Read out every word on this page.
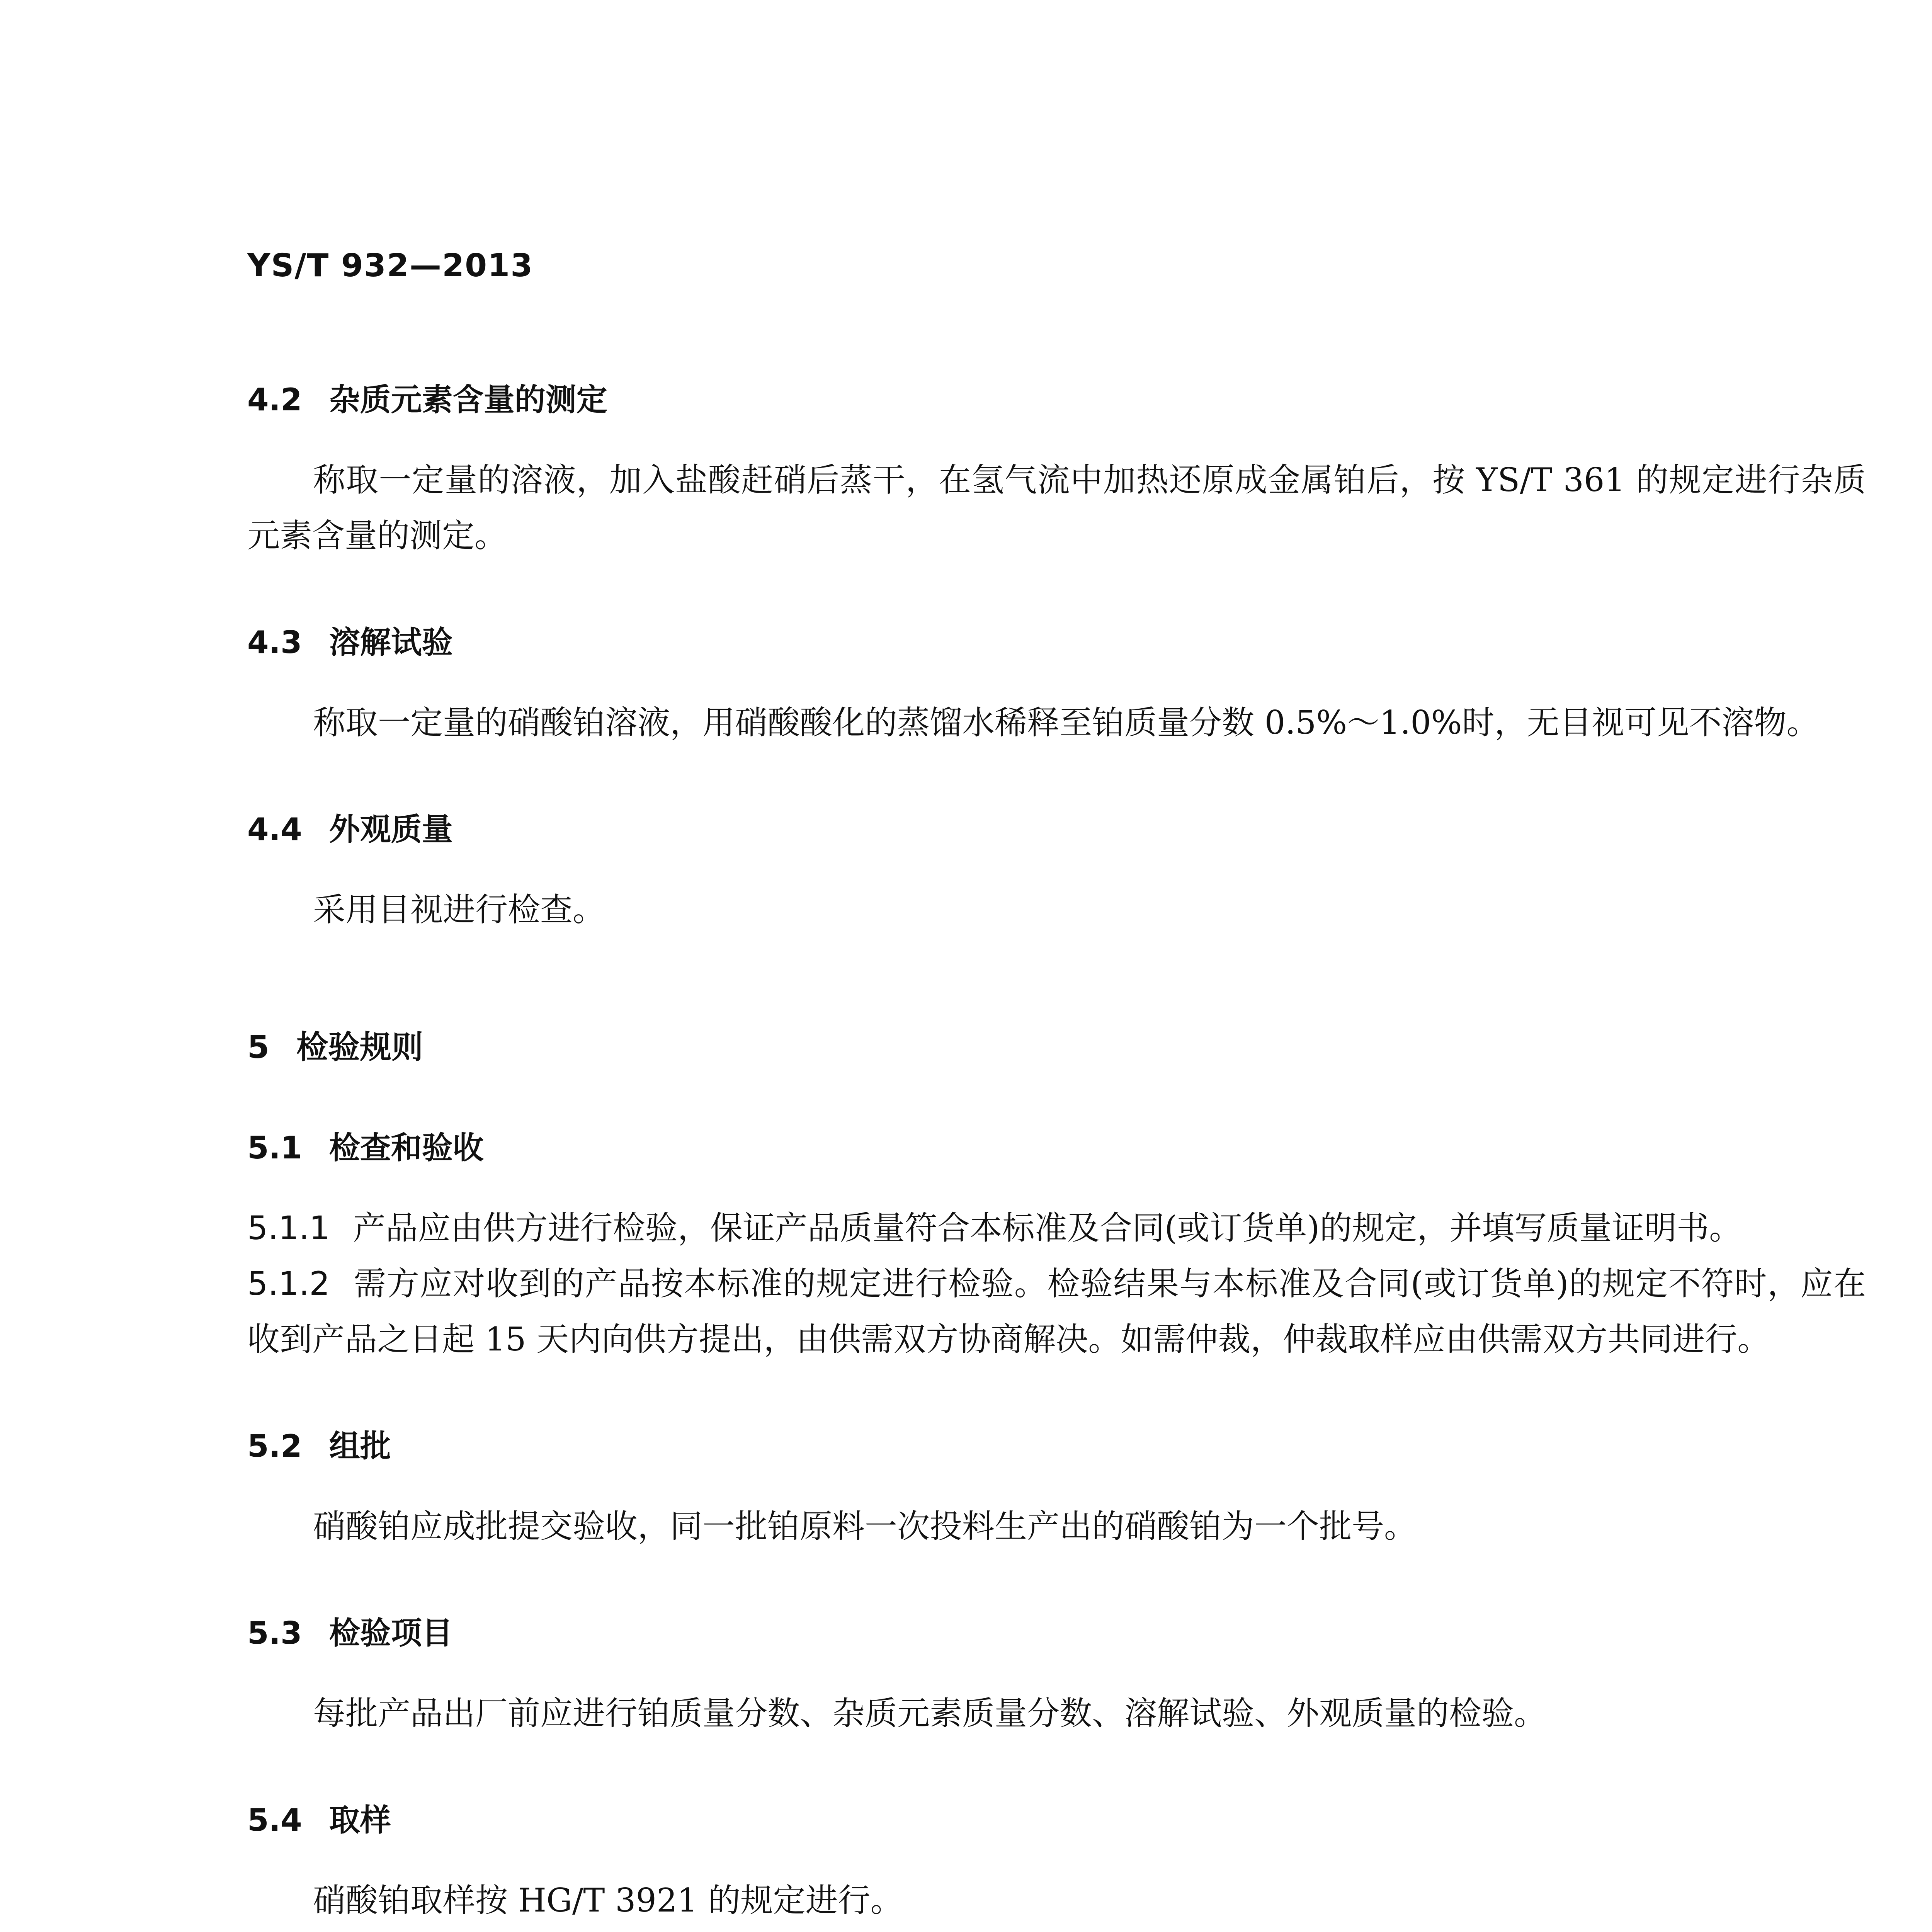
YS/T 932—2013
4.2 杂质元素含量的测定

称取一定量的溶液，加入盐酸赶硝后蒸干，在氢气流中加热还原成金属铂后，按 YS/T 361 的规定进行杂质元素含量的测定。

4.3 溶解试验

称取一定量的硝酸铂溶液，用硝酸酸化的蒸馏水稀释至铂质量分数 0.5%～1.0%时，无目视可见不溶物。

4.4 外观质量

采用目视进行检查。

5 检验规则
5.1 检查和验收

5.1.1 产品应由供方进行检验，保证产品质量符合本标准及合同(或订货单)的规定，并填写质量证明书。

5.1.2 需方应对收到的产品按本标准的规定进行检验。检验结果与本标准及合同(或订货单)的规定不符时，应在收到产品之日起 15 天内向供方提出，由供需双方协商解决。如需仲裁，仲裁取样应由供需双方共同进行。

5.2 组批

硝酸铂应成批提交验收，同一批铂原料一次投料生产出的硝酸铂为一个批号。

5.3 检验项目

每批产品出厂前应进行铂质量分数、杂质元素质量分数、溶解试验、外观质量的检验。

5.4 取样

硝酸铂取样按 HG/T 3921 的规定进行。
